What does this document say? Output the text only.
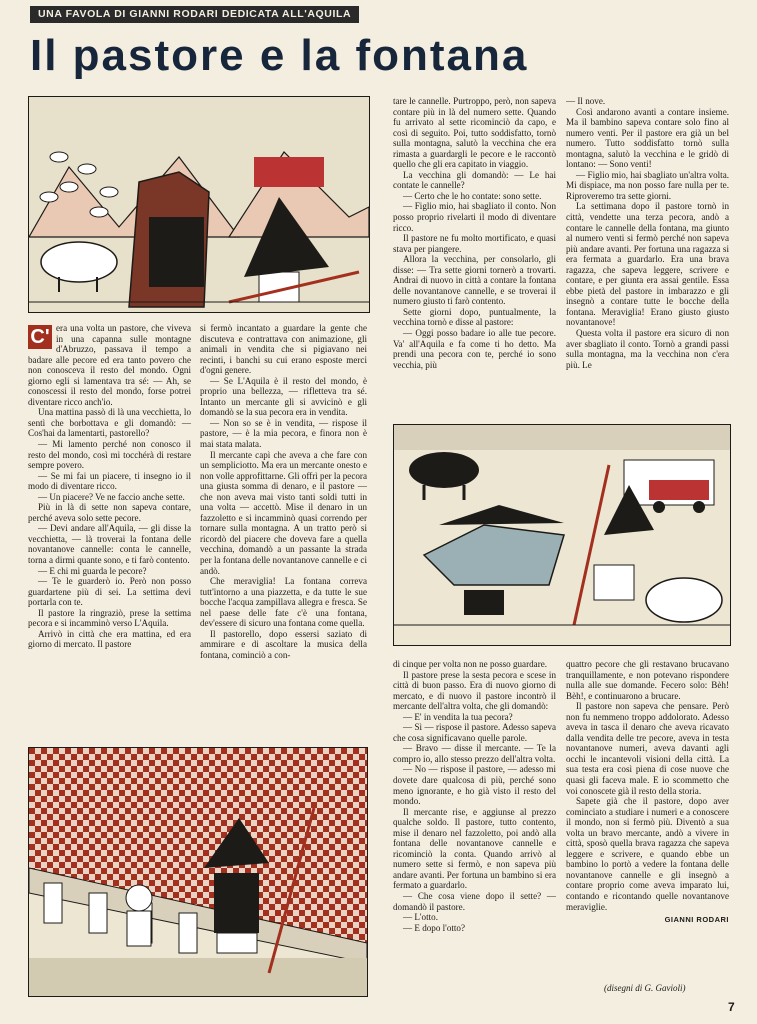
UNA FAVOLA DI GIANNI RODARI DEDICATA ALL'AQUILA
Il pastore e la fontana

C' era una volta un pastore, che viveva in una capanna sulle montagne d'Abruzzo, passava il tempo a badare alle pecore ed era tanto povero che non conosceva il resto del mondo. Ogni giorno egli si lamentava tra sé: — Ah, se conoscessi il resto del mondo, forse potrei diventare ricco anch'io.

Una mattina passò di là una vecchietta, lo sentì che borbottava e gli domandò: — Cos'hai da lamentarti, pastorello?

— Mi lamento perché non conosco il resto del mondo, così mi tocchérà di restare sempre povero.

— Se mi fai un piacere, ti insegno io il modo di diventare ricco.

— Un piacere? Ve ne faccio anche sette.

Più in là di sette non sapeva contare, perché aveva solo sette pecore.

— Devi andare all'Aquila, — gli disse la vecchietta, — là troverai la fontana delle novantanove cannelle: conta le cannelle, torna a dirmi quante sono, e ti farò contento.

— E chi mi guarda le pecore?

— Te le guarderò io. Però non posso guardartene più di sei. La settima devi portarla con te.

Il pastore la ringraziò, prese la settima pecora e si incamminò verso L'Aquila.

Arrivò in città che era mattina, ed era giorno di mercato. Il pastore

si fermò incantato a guardare la gente che discuteva e contrattava con animazione, gli animali in vendita che si pigiavano nei recinti, i banchi su cui erano esposte merci d'ogni genere.

— Se L'Aquila è il resto del mondo, è proprio una bellezza, — rifletteva tra sé. Intanto un mercante gli si avvicinò e gli domandò se la sua pecora era in vendita.

— Non so se è in vendita, — rispose il pastore, — è la mia pecora, e finora non è mai stata malata.

Il mercante capì che aveva a che fare con un sempliciotto. Ma era un mercante onesto e non volle approfittarne. Gli offrì per la pecora una giusta somma di denaro, e il pastore — che non aveva mai visto tanti soldi tutti in una volta — accettò. Mise il denaro in un fazzoletto e si incamminò quasi correndo per tornare sulla montagna. A un tratto però si ricordò del piacere che doveva fare a quella vecchina, domandò a un passante la strada per la fontana delle novantanove cannelle e ci andò.

Che meraviglia! La fontana correva tutt'intorno a una piazzetta, e da tutte le sue bocche l'acqua zampillava allegra e fresca. Se nel paese delle fate c'è una fontana, dev'essere di sicuro una fontana come quella.

Il pastorello, dopo essersi saziato di ammirare e di ascoltare la musica della fontana, cominciò a con-

tare le cannelle. Purtroppo, però, non sapeva contare più in là del numero sette. Quando fu arrivato al sette ricominciò da capo, e così di seguito. Poi, tutto soddisfatto, tornò sulla montagna, salutò la vecchina che era rimasta a guardargli le pecore e le raccontò quello che gli era capitato in viaggio.

La vecchina gli domandò: — Le hai contate le cannelle?

— Certo che le ho contate: sono sette.

— Figlio mio, hai sbagliato il conto. Non posso proprio rivelarti il modo di diventare ricco.

Il pastore ne fu molto mortificato, e quasi stava per piangere.

Allora la vecchina, per consolarlo, gli disse: — Tra sette giorni tornerò a trovarti. Andrai di nuovo in città a contare la fontana delle novantanove cannelle, e se troverai il numero giusto ti farò contento.

Sette giorni dopo, puntualmente, la vecchina tornò e disse al pastore:

— Oggi posso badare io alle tue pecore. Va' all'Aquila e fa come ti ho detto. Ma prendi una pecora con te, perché io sono vecchia, più

— Il nove.

Così andarono avanti a contare insieme. Ma il bambino sapeva contare solo fino al numero venti. Per il pastore era già un bel numero. Tutto soddisfatto tornò sulla montagna, salutò la vecchina e le gridò di lontano: — Sono venti!

— Figlio mio, hai sbagliato un'altra volta. Mi dispiace, ma non posso fare nulla per te. Riproveremo tra sette giorni.

La settimana dopo il pastore tornò in città, vendette una terza pecora, andò a contare le cannelle della fontana, ma giunto al numero venti si fermò perché non sapeva più andare avanti. Per fortuna una ragazza si era fermata a guardarlo. Era una brava ragazza, che sapeva leggere, scrivere e contare, e per giunta era assai gentile. Essa ebbe pietà del pastore in imbarazzo e gli insegnò a contare tutte le bocche della fontana. Meraviglia! Erano giusto giusto novantanove!

Questa volta il pastore era sicuro di non aver sbagliato il conto. Tornò a grandi passi sulla montagna, ma la vecchina non c'era più. Le

di cinque per volta non ne posso guardare.

Il pastore prese la sesta pecora e scese in città di buon passo. Era di nuovo giorno di mercato, e di nuovo il pastore incontrò il mercante dell'altra volta, che gli domandò:

— E' in vendita la tua pecora?

— Sì — rispose il pastore. Adesso sapeva che cosa significavano quelle parole.

— Bravo — disse il mercante. — Te la compro io, allo stesso prezzo dell'altra volta.

— No — rispose il pastore, — adesso mi dovete dare qualcosa di più, perché sono meno ignorante, e ho già visto il resto del mondo.

Il mercante rise, e aggiunse al prezzo qualche soldo. Il pastore, tutto contento, mise il denaro nel fazzoletto, poi andò alla fontana delle novantanove cannelle e ricominciò la conta. Quando arrivò al numero sette si fermò, e non sapeva più andare avanti. Per fortuna un bambino si era fermato a guardarlo.

— Che cosa viene dopo il sette? — domandò il pastore.

— L'otto.

— E dopo l'otto?

quattro pecore che gli restavano brucavano tranquillamente, e non potevano rispondere nulla alle sue domande. Fecero solo: Bèh! Bèh!, e continuarono a brucare.

Il pastore non sapeva che pensare. Però non fu nemmeno troppo addolorato. Adesso aveva in tasca il denaro che aveva ricavato dalla vendita delle tre pecore, aveva in testa novantanove numeri, aveva davanti agli occhi le incantevoli visioni della città. La sua testa era così piena di cose nuove che quasi gli faceva male. E io scommetto che voi conoscete già il resto della storia.

Sapete già che il pastore, dopo aver cominciato a studiare i numeri e a conoscere il mondo, non si fermò più. Diventò a sua volta un bravo mercante, andò a vivere in città, sposò quella brava ragazza che sapeva leggere e scrivere, e quando ebbe un bambino lo portò a vedere la fontana delle novantanove cannelle e gli insegnò a contare proprio come aveva imparato lui, contando e ricontando quelle novantanove meraviglie.

GIANNI RODARI
(disegni di G. Gavioli)
7
